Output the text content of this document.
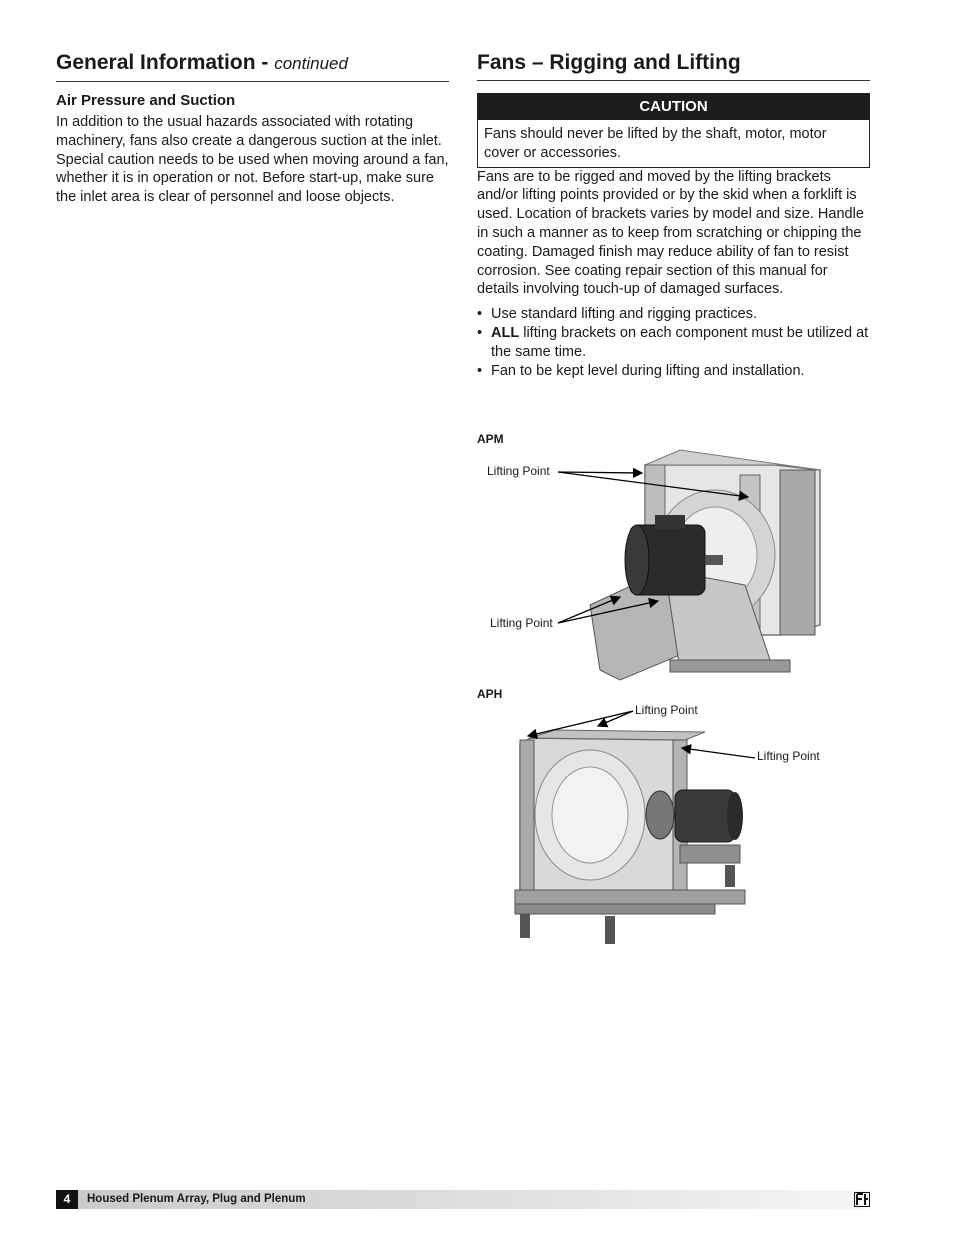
General Information - continued
Air Pressure and Suction

In addition to the usual hazards associated with rotating machinery, fans also create a dangerous suction at the inlet. Special caution needs to be used when moving around a fan, whether it is in operation or not. Before start-up, make sure the inlet area is clear of personnel and loose objects.

Fans – Rigging and Lifting
CAUTION
Fans should never be lifted by the shaft, motor, motor cover or accessories.

Fans are to be rigged and moved by the lifting brackets and/or lifting points provided or by the skid when a forklift is used. Location of brackets varies by model and size. Handle in such a manner as to keep from scratching or chipping the coating. Damaged finish may reduce ability of fan to resist corrosion. See coating repair section of this manual for details involving touch-up of damaged surfaces.

• Use standard lifting and rigging practices.
• ALL lifting brackets on each component must be utilized at the same time.
• Fan to be kept level during lifting and installation.
APM
Lifting Point
Lifting Point
APH
Lifting Point
Lifting Point
4	Housed Plenum Array, Plug and Plenum
